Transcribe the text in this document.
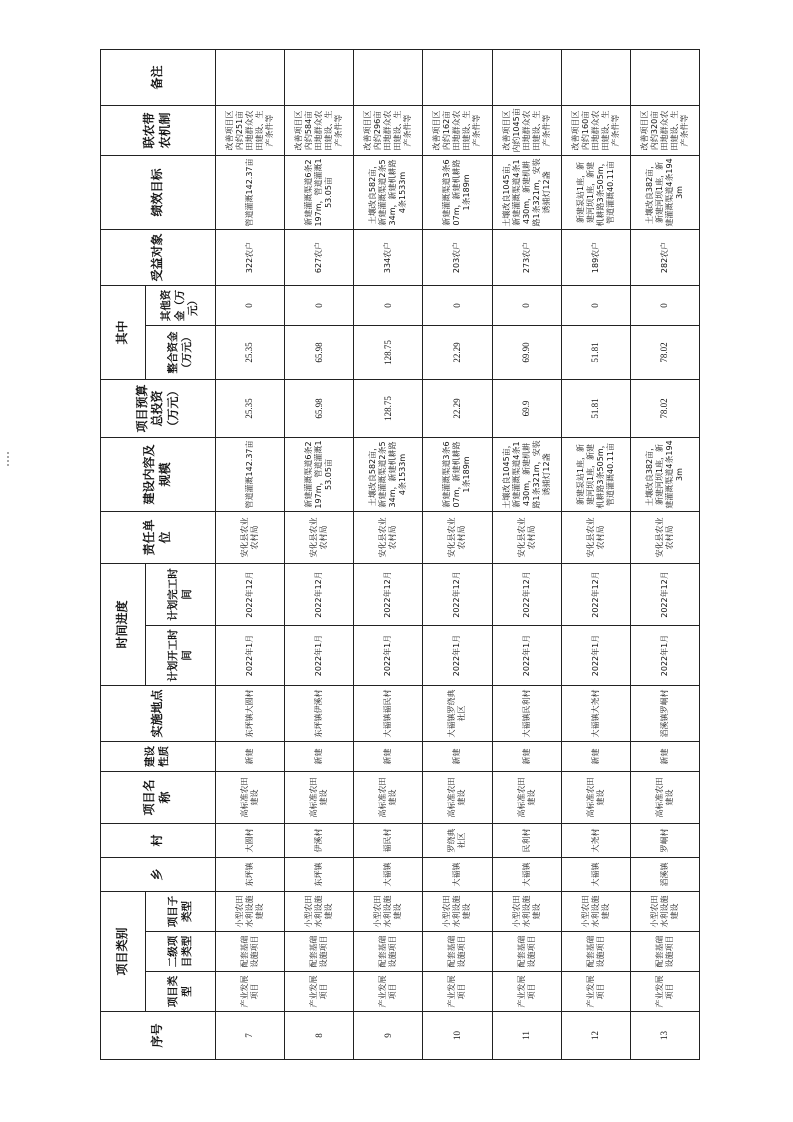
序号	项目类别			乡	村	项目名称	建设性质	实施地点	时间进度		责任单位	建设内容及规模	项目预算总投资（万元）	其中		受益对象	绩效目标	联农带农机制	备注
	项目类型	二级项目类型	项目子类型						计划开工时间	计划完工时间				整合资金（万元）	其他资金（万元）				
7	产业发展项目	配套基础设施项目	小型农田水利设施建设	东坪镇	大圆村	高标准农田建设	新建	东坪镇大圆村	2022年1月	2022年12月	安化县农业农村局	管道灌溉142.37亩	25.35	25.35	0	322农户	管道灌溉142.37亩	改善项目区内约251亩田地群众农田建设、生产条件等	
8	产业发展项目	配套基础设施项目	小型农田水利设施建设	东坪镇	伊溪村	高标准农田建设	新建	东坪镇伊溪村	2022年1月	2022年12月	安化县农业农村局	新建灌溉渠道6条2197m，管道灌溉153.05亩	65.98	65.98	0	627农户	新建灌溉渠道6条2197m，管道灌溉153.05亩	改善项目区内约584亩田地群众农田建设、生产条件等	
9	产业发展项目	配套基础设施项目	小型农田水利设施建设	大福镇	福民村	高标准农田建设	新建	大福镇福民村	2022年1月	2022年12月	安化县农业农村局	土壤改良582亩，新建灌溉渠道2条534m，新建机耕路4条1533m	128.75	128.75	0	334农户	土壤改良582亩，新建灌溉渠道2条534m，新建机耕路4条1533m	改善项目区内约296亩田地群众农田建设、生产条件等	
10	产业发展项目	配套基础设施项目	小型农田水利设施建设	大福镇	罗绕典社区	高标准农田建设	新建	大福镇罗绕典社区	2022年1月	2022年12月	安化县农业农村局	新建灌溉渠道3条607m，新建机耕路1条189m	22.29	22.29	0	203农户	新建灌溉渠道3条607m，新建机耕路1条189m	改善项目区内约162亩田地群众农田建设、生产条件等	
11	产业发展项目	配套基础设施项目	小型农田水利设施建设	大福镇	民利村	高标准农田建设	新建	大福镇民利村	2022年1月	2022年12月	安化县农业农村局	土壤改良1045亩，新建灌溉渠道4条1430m，新建机耕路1条321m，安装诱捕灯12盏	69.9	69.90	0	273农户	土壤改良1045亩，新建灌溉渠道4条1430m，新建机耕路1条321m，安装诱捕灯12盏	改善项目区内约1045亩田地群众农田建设、生产条件等	
12	产业发展项目	配套基础设施项目	小型农田水利设施建设	大福镇	大尧村	高标准农田建设	新建	大福镇大尧村	2022年1月	2022年12月	安化县农业农村局	新建泵站1座，新建河坝1座，新建机耕路3条505m，管道灌溉40.11亩	51.81	51.81	0	189农户	新建泵站1座，新建河坝1座，新建机耕路3条505m，管道灌溉40.11亩	改善项目区内约160亩田地群众农田建设、生产条件等	
13	产业发展项目	配套基础设施项目	小型农田水利设施建设	滔溪镇	罗峒村	高标准农田建设	新建	滔溪镇罗峒村	2022年1月	2022年12月	安化县农业农村局	土壤改良382亩，新建河坝1座，新建灌溉渠道4条1943m	78.02	78.02	0	282农户	土壤改良382亩，新建河坝1座，新建灌溉渠道4条1943m	改善项目区内约320亩田地群众农田建设、生产条件等	
